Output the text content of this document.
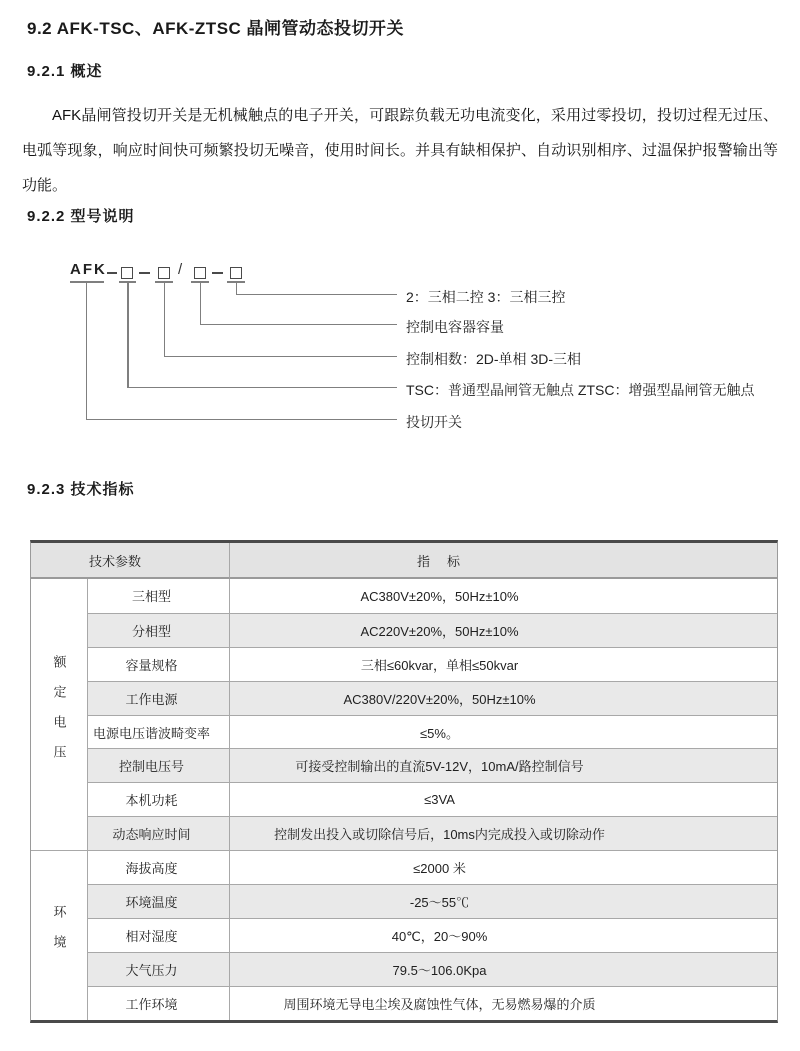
9.2 AFK-TSC、AFK-ZTSC 晶闸管动态投切开关
9.2.1 概述
AFK晶闸管投切开关是无机械触点的电子开关，可跟踪负载无功电流变化，采用过零投切，投切过程无过压、电弧等现象，响应时间快可频繁投切无噪音，使用时间长。并具有缺相保护、自动识别相序、过温保护报警输出等功能。
9.2.2 型号说明
AFK	/
2：三相二控 3：三相三控
控制电容器容量
控制相数：2D-单相 3D-三相
TSC：普通型晶闸管无触点 ZTSC：增强型晶闸管无触点
投切开关
9.2.3 技术指标
技术参数	指　标
额定电压
环境
三相型	AC380V±20%，50Hz±10%
分相型	AC220V±20%，50Hz±10%
容量规格	三相≤60kvar，单相≤50kvar
工作电源	AC380V/220V±20%，50Hz±10%
电源电压谐波畸变率	≤5%。
控制电压号	可接受控制输出的直流5V-12V，10mA/路控制信号
本机功耗	≤3VA
动态响应时间	控制发出投入或切除信号后，10ms内完成投入或切除动作
海拔高度	≤2000 米
环境温度	-25～55℃
相对湿度	40℃，20～90%
大气压力	79.5～106.0Kpa
工作环境	周围环境无导电尘埃及腐蚀性气体，无易燃易爆的介质
